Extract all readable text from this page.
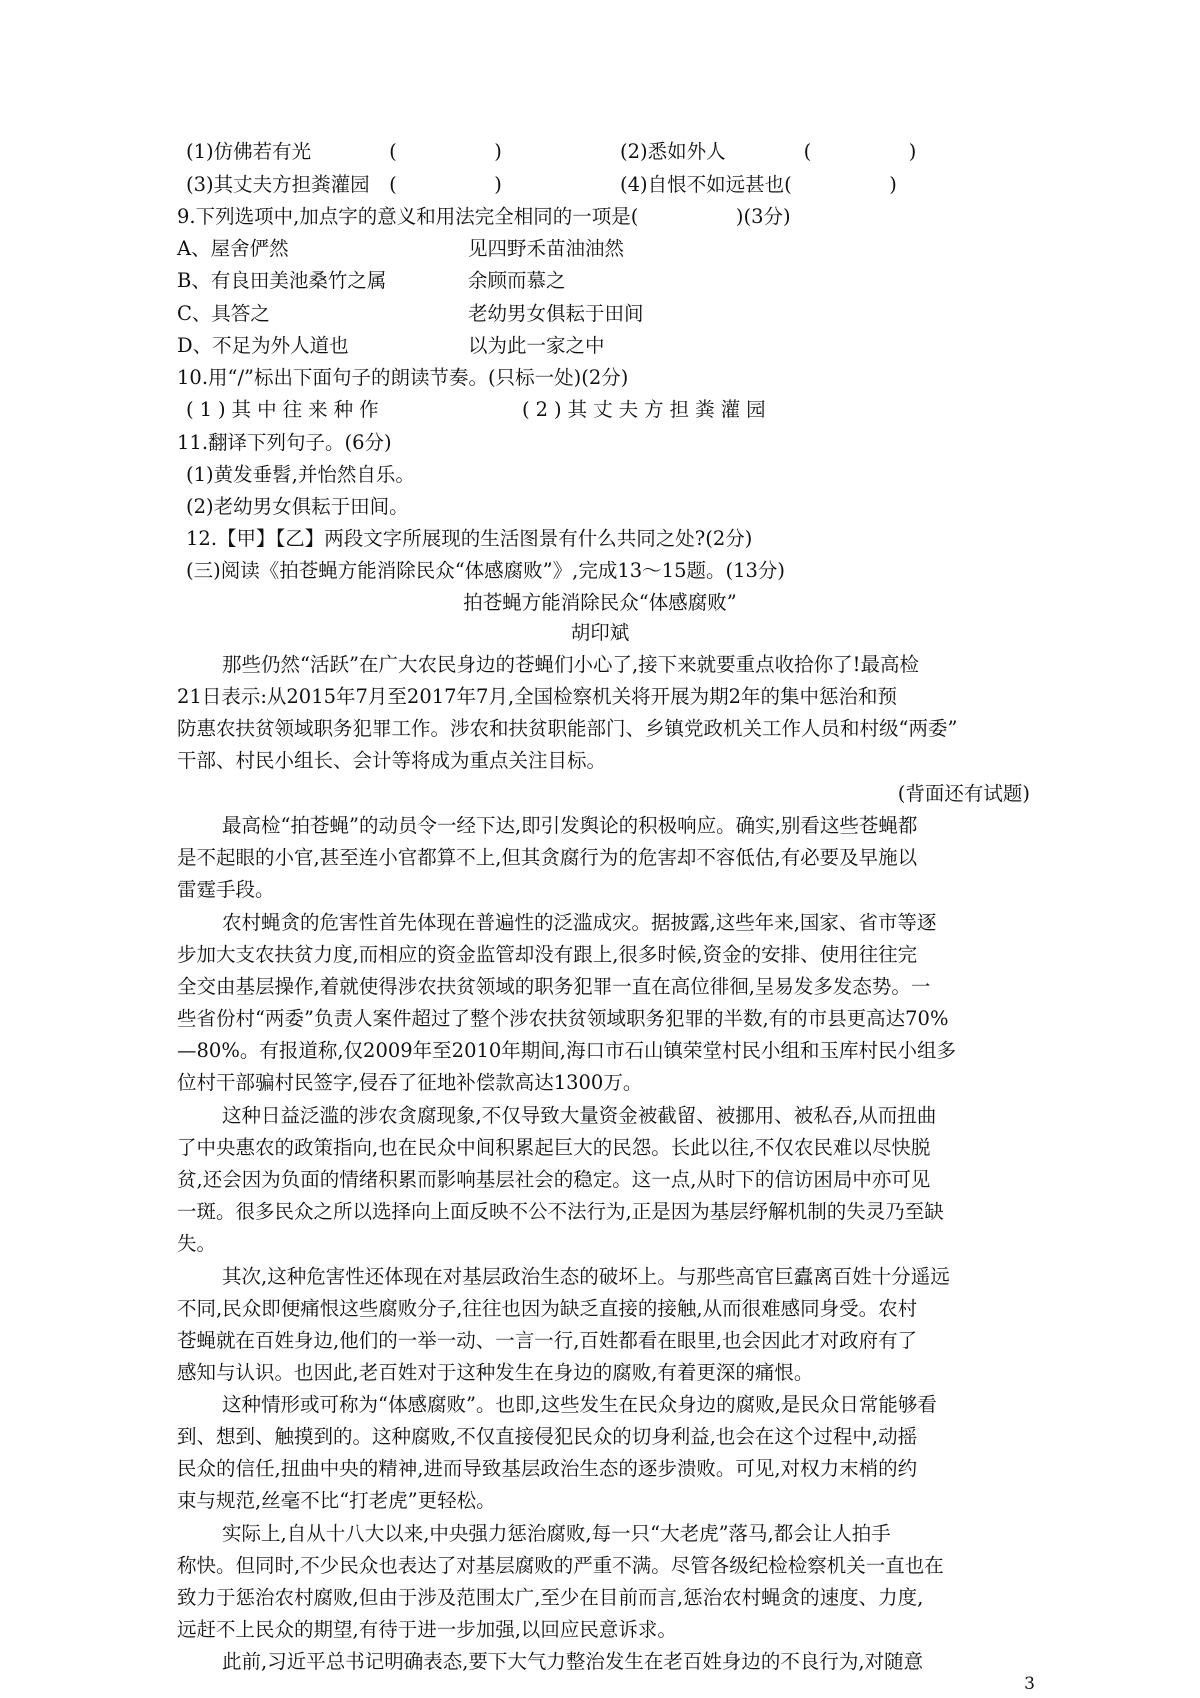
(1)仿佛若有光　　　　(　　　　　)	(2)悉如外人　　　　(　　　　　)
(3)其丈夫方担粪灌园　(　　　　　)	(4)自恨不如远甚也(　　　　　)
9.下列选项中,加点字的意义和用法完全相同的一项是(　　　　　)(3分)
A、屋舍俨然	见四野禾苗油油然
B、有良田美池桑竹之属	余顾而慕之
C、具答之	老幼男女俱耘于田间
D、不足为外人道也	以为此一家之中
10.用“/”标出下面句子的朗读节奏。(只标一处)(2分)
(1)其中往来种作	(2)其丈夫方担粪灌园
11.翻译下列句子。(6分)
(1)黄发垂髫,并怡然自乐。
(2)老幼男女俱耘于田间。
12.【甲】【乙】两段文字所展现的生活图景有什么共同之处?(2分)
(三)阅读《拍苍蝇方能消除民众“体感腐败”》,完成13～15题。(13分)
拍苍蝇方能消除民众“体感腐败”
胡印斌
那些仍然“活跃”在广大农民身边的苍蝇们小心了,接下来就要重点收拾你了!最高检
21日表示:从2015年7月至2017年7月,全国检察机关将开展为期2年的集中惩治和预
防惠农扶贫领域职务犯罪工作。涉农和扶贫职能部门、乡镇党政机关工作人员和村级“两委”
干部、村民小组长、会计等将成为重点关注目标。
(背面还有试题)
最高检“拍苍蝇”的动员令一经下达,即引发舆论的积极响应。确实,别看这些苍蝇都
是不起眼的小官,甚至连小官都算不上,但其贪腐行为的危害却不容低估,有必要及早施以
雷霆手段。
农村蝇贪的危害性首先体现在普遍性的泛滥成灾。据披露,这些年来,国家、省市等逐
步加大支农扶贫力度,而相应的资金监管却没有跟上,很多时候,资金的安排、使用往往完
全交由基层操作,着就使得涉农扶贫领域的职务犯罪一直在高位徘徊,呈易发多发态势。一
些省份村“两委”负责人案件超过了整个涉农扶贫领域职务犯罪的半数,有的市县更高达70%
—80%。有报道称,仅2009年至2010年期间,海口市石山镇荣堂村民小组和玉库村民小组多
位村干部骗村民签字,侵吞了征地补偿款高达1300万。
这种日益泛滥的涉农贪腐现象,不仅导致大量资金被截留、被挪用、被私吞,从而扭曲
了中央惠农的政策指向,也在民众中间积累起巨大的民怨。长此以往,不仅农民难以尽快脱
贫,还会因为负面的情绪积累而影响基层社会的稳定。这一点,从时下的信访困局中亦可见
一斑。很多民众之所以选择向上面反映不公不法行为,正是因为基层纾解机制的失灵乃至缺
失。
其次,这种危害性还体现在对基层政治生态的破坏上。与那些高官巨蠹离百姓十分遥远
不同,民众即便痛恨这些腐败分子,往往也因为缺乏直接的接触,从而很难感同身受。农村
苍蝇就在百姓身边,他们的一举一动、一言一行,百姓都看在眼里,也会因此才对政府有了
感知与认识。也因此,老百姓对于这种发生在身边的腐败,有着更深的痛恨。
这种情形或可称为“体感腐败”。也即,这些发生在民众身边的腐败,是民众日常能够看
到、想到、触摸到的。这种腐败,不仅直接侵犯民众的切身利益,也会在这个过程中,动摇
民众的信任,扭曲中央的精神,进而导致基层政治生态的逐步溃败。可见,对权力末梢的约
束与规范,丝毫不比“打老虎”更轻松。
实际上,自从十八大以来,中央强力惩治腐败,每一只“大老虎”落马,都会让人拍手
称快。但同时,不少民众也表达了对基层腐败的严重不满。尽管各级纪检检察机关一直也在
致力于惩治农村腐败,但由于涉及范围太广,至少在目前而言,惩治农村蝇贪的速度、力度,
远赶不上民众的期望,有待于进一步加强,以回应民意诉求。
此前,习近平总书记明确表态,要下大气力整治发生在老百姓身边的不良行为,对随意
3
